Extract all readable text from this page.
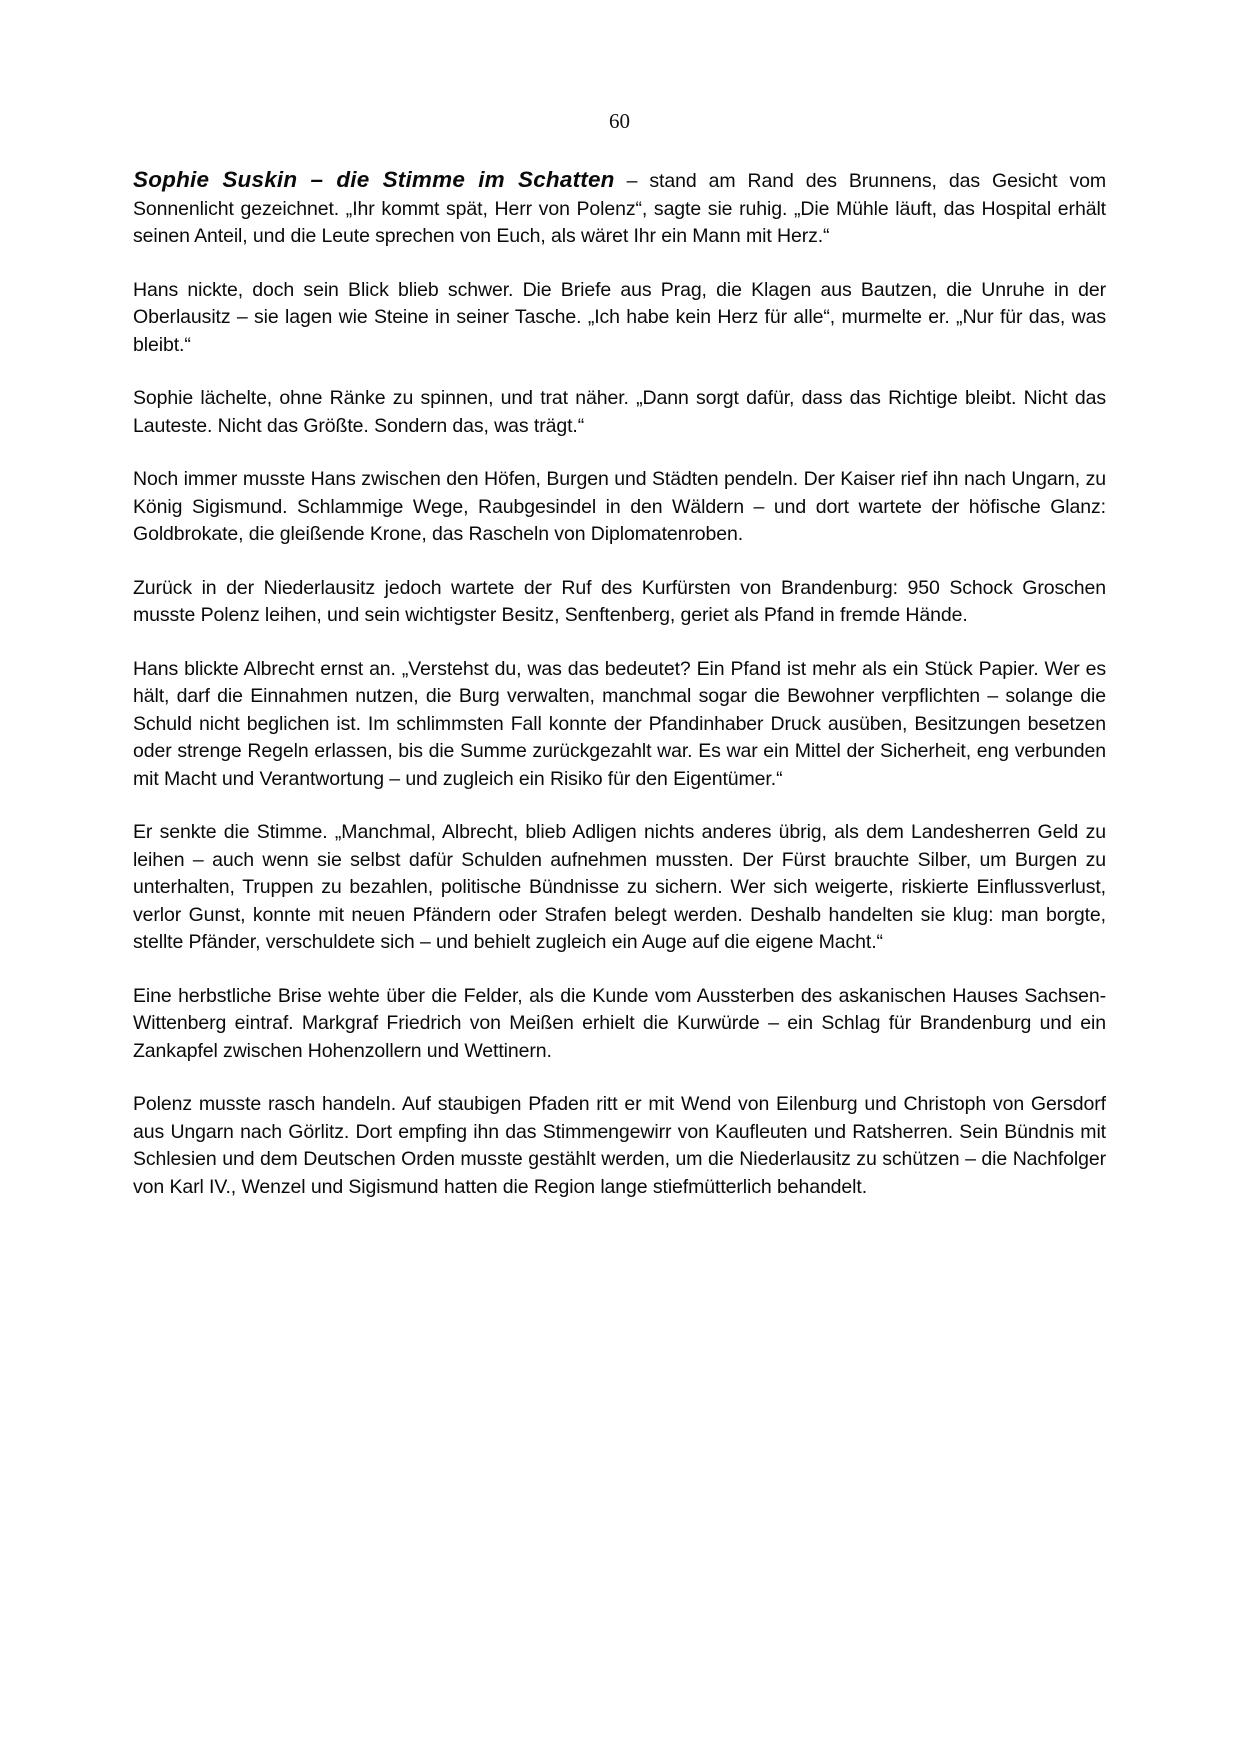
60

Sophie Suskin – die Stimme im Schatten – stand am Rand des Brunnens, das Gesicht vom Sonnenlicht gezeichnet. „Ihr kommt spät, Herr von Polenz“, sagte sie ruhig. „Die Mühle läuft, das Hospital erhält seinen Anteil, und die Leute sprechen von Euch, als wäret Ihr ein Mann mit Herz.“

Hans nickte, doch sein Blick blieb schwer. Die Briefe aus Prag, die Klagen aus Bautzen, die Unruhe in der Oberlausitz – sie lagen wie Steine in seiner Tasche. „Ich habe kein Herz für alle“, murmelte er. „Nur für das, was bleibt.“

Sophie lächelte, ohne Ränke zu spinnen, und trat näher. „Dann sorgt dafür, dass das Richtige bleibt. Nicht das Lauteste. Nicht das Größte. Sondern das, was trägt.“

Noch immer musste Hans zwischen den Höfen, Burgen und Städten pendeln. Der Kaiser rief ihn nach Ungarn, zu König Sigismund. Schlammige Wege, Raubgesindel in den Wäldern – und dort wartete der höfische Glanz: Goldbrokate, die gleißende Krone, das Rascheln von Diplomatenroben.

Zurück in der Niederlausitz jedoch wartete der Ruf des Kurfürsten von Brandenburg: 950 Schock Groschen musste Polenz leihen, und sein wichtigster Besitz, Senftenberg, geriet als Pfand in fremde Hände.

Hans blickte Albrecht ernst an. „Verstehst du, was das bedeutet? Ein Pfand ist mehr als ein Stück Papier. Wer es hält, darf die Einnahmen nutzen, die Burg verwalten, manchmal sogar die Bewohner verpflichten – solange die Schuld nicht beglichen ist. Im schlimmsten Fall konnte der Pfandinhaber Druck ausüben, Besitzungen besetzen oder strenge Regeln erlassen, bis die Summe zurückgezahlt war. Es war ein Mittel der Sicherheit, eng verbunden mit Macht und Verantwortung – und zugleich ein Risiko für den Eigentümer.“

Er senkte die Stimme. „Manchmal, Albrecht, blieb Adligen nichts anderes übrig, als dem Landesherren Geld zu leihen – auch wenn sie selbst dafür Schulden aufnehmen mussten. Der Fürst brauchte Silber, um Burgen zu unterhalten, Truppen zu bezahlen, politische Bündnisse zu sichern. Wer sich weigerte, riskierte Einflussverlust, verlor Gunst, konnte mit neuen Pfändern oder Strafen belegt werden. Deshalb handelten sie klug: man borgte, stellte Pfänder, verschuldete sich – und behielt zugleich ein Auge auf die eigene Macht.“

Eine herbstliche Brise wehte über die Felder, als die Kunde vom Aussterben des askanischen Hauses Sachsen-Wittenberg eintraf. Markgraf Friedrich von Meißen erhielt die Kurwürde – ein Schlag für Brandenburg und ein Zankapfel zwischen Hohenzollern und Wettinern.

Polenz musste rasch handeln. Auf staubigen Pfaden ritt er mit Wend von Eilenburg und Christoph von Gersdorf aus Ungarn nach Görlitz. Dort empfing ihn das Stimmengewirr von Kaufleuten und Ratsherren. Sein Bündnis mit Schlesien und dem Deutschen Orden musste gestählt werden, um die Niederlausitz zu schützen – die Nachfolger von Karl IV., Wenzel und Sigismund hatten die Region lange stiefmütterlich behandelt.
